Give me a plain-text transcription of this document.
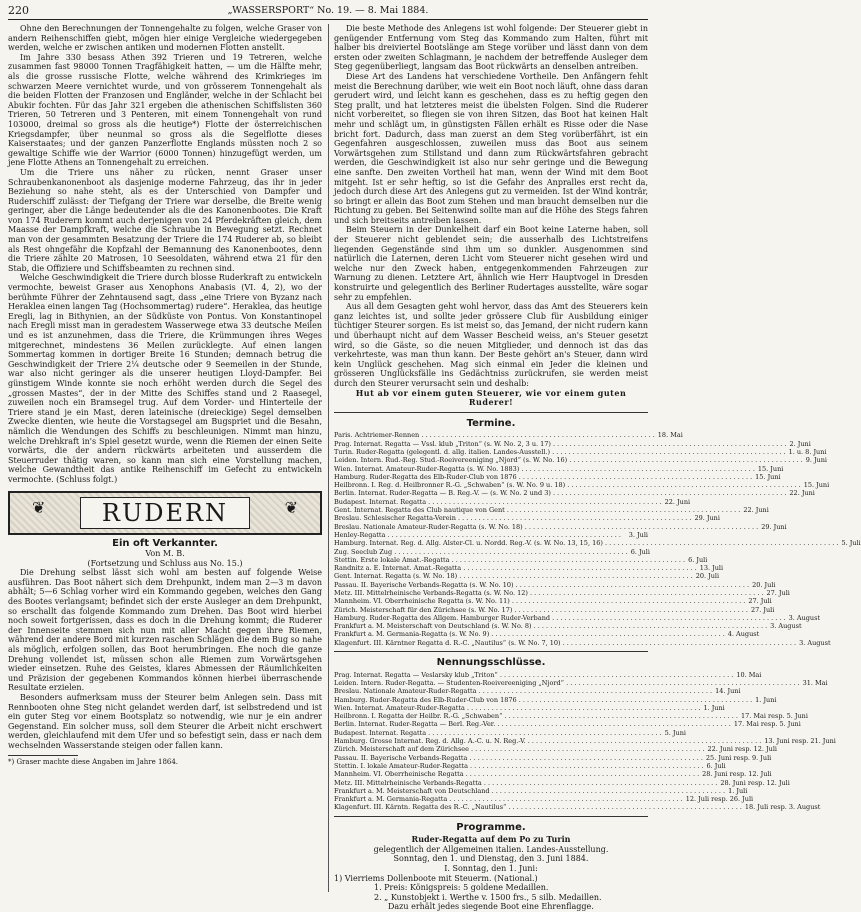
220	„WASSERSPORT“ No. 19. — 8. Mai 1884.

Ohne den Berechnungen der Tonnengehalte zu folgen, welche Graser von andern Reihenschiffen giebt, mögen hier einige Vergleiche wiedergegeben werden, welche er zwischen antiken und modernen Flotten anstellt.

Im Jahre 330 besass Athen 392 Trieren und 19 Tetreren, welche zusammen fast 98000 Tonnen Tragfähigkeit hatten, — um die Hälfte mehr, als die grosse russische Flotte, welche während des Krimkrieges im schwarzen Meere vernichtet wurde, und von grösserem Tonnengehalt als die beiden Flotten der Franzosen und Engländer, welche in der Schlacht bei Abukir fochten. Für das Jahr 321 ergeben die athenischen Schiffslisten 360 Trieren, 50 Tetreren und 3 Penteren, mit einem Tonnengehalt von rund 103000, dreimal so gross als die heutige*) Flotte der österreichischen Kriegsdampfer, über neunmal so gross als die Segelflotte dieses Kaiserstaates; und der ganzen Panzerflotte Englands müssten noch 2 so gewaltige Schiffe wie der Warrior (6000 Tonnen) hinzugefügt werden, um jene Flotte Athens an Tonnengehalt zu erreichen.

Um die Triere uns näher zu rücken, nennt Graser unser Schraubenkanonenboot als dasjenige moderne Fahrzeug, das ihr in jeder Beziehung so nahe steht, als es der Unterschied von Dampfer und Ruderschiff zulässt: der Tiefgang der Triere war derselbe, die Breite wenig geringer, aber die Länge bedeutender als die des Kanonenbootes. Die Kraft von 174 Ruderern kommt auch derjenigen von 24 Pferdekräften gleich, dem Maasse der Dampfkraft, welche die Schraube in Bewegung setzt. Rechnet man von der gesammten Besatzung der Triere die 174 Ruderer ab, so bleibt als Rest ohngefähr die Kopfzahl der Bemannung des Kanonenbootes, denn die Triere zählte 20 Matrosen, 10 Seesoldaten, während etwa 21 für den Stab, die Offiziere und Schiffsbeamten zu rechnen sind.

Welche Geschwindigkeit die Triere durch blosse Ruderkraft zu entwickeln vermochte, beweist Graser aus Xenophons Anabasis (VI. 4, 2), wo der berühmte Führer der Zehntausend sagt, dass „eine Triere von Byzanz nach Heraklea einen langen Tag (Hochsommertag) rudere“. Heraklea, das heutige Eregli, lag in Bithynien, an der Südküste von Pontus. Von Konstantinopel nach Eregli misst man in geradestem Wasserwege etwa 33 deutsche Meilen und es ist anzunehmen, dass die Triere, die Krümmungen ihres Weges mitgerechnet, mindestens 36 Meilen zurücklegte. Auf einen langen Sommertag kommen in dortiger Breite 16 Stunden; demnach betrug die Geschwindigkeit der Triere 2¼ deutsche oder 9 Seemeilen in der Stunde, war also nicht geringer als die unserer heutigen Lloyd-Dampfer. Bei günstigem Winde konnte sie noch erhöht werden durch die Segel des „grossen Mastes“, der in der Mitte des Schiffes stand und 2 Raasegel, zuweilen noch ein Bramsegel trug. Auf dem Vorder- und Hinterteile der Triere stand je ein Mast, deren lateinische (dreieckige) Segel demselben Zwecke dienten, wie heute die Vorstagsegel am Bugspriet und die Besahn, nämlich die Wendungen des Schiffs zu beschleunigen. Nimmt man hinzu, welche Drehkraft in's Spiel gesetzt wurde, wenn die Riemen der einen Seite vorwärts, die der andern rückwärts arbeiteten und ausserdem die Steuerruder thätig waren, so kann man sich eine Vorstellung machen, welche Gewandtheit das antike Reihenschiff im Gefecht zu entwickeln vermochte. (Schluss folgt.)

❦	RUDERN	❦
Ein oft Verkannter.
Von M. B.
(Fortsetzung und Schluss aus No. 15.)

Die Drehung selbst lässt sich wohl am besten auf folgende Weise ausführen. Das Boot nähert sich dem Drehpunkt, indem man 2—3 m davon abhält; 5—6 Schlag vorher wird ein Kommando gegeben, welches den Gang des Bootes verlangsamt; befindet sich der erste Ausleger an dem Drehpunkt, so erschallt das folgende Kommando zum Drehen. Das Boot wird hierbei noch soweit fortgerissen, dass es doch in die Drehung kommt; die Ruderer der Innenseite stemmen sich nun mit aller Macht gegen ihre Riemen, während der andere Bord mit kurzen raschen Schlägen die dem Bug so nahe als möglich, erfolgen sollen, das Boot herumbringen. Ehe noch die ganze Drehung vollendet ist, müssen schon alle Riemen zum Vorwärtsgehen wieder einsetzen. Ruhe des Geistes, klares Abmessen der Räumlichkeiten und Präzision der gegebenen Kommandos können hierbei überraschende Resultate erzielen.

Besonders aufmerksam muss der Steurer beim Anlegen sein. Dass mit Rennbooten ohne Steg nicht gelandet werden darf, ist selbstredend und ist ein guter Steg vor einem Bootsplatz so notwendig, wie nur je ein andrer Gegenstand. Ein solcher muss, soll dem Steurer die Arbeit nicht erschwert werden, gleichlaufend mit dem Ufer und so befestigt sein, dass er nach dem wechselnden Wasserstande steigen oder fallen kann.

*) Graser machte diese Angaben im Jahre 1864.

Die beste Methode des Anlegens ist wohl folgende: Der Steuerer giebt in genügender Entfernung vom Steg das Kommando zum Halten, führt mit halber bis dreiviertel Bootslänge am Stege vorüber und lässt dann von dem ersten oder zweiten Schlagmann, je nachdem der betreffende Ausleger dem Steg gegenüberliegt, langsam das Boot rückwärts an denselben antreiben.

Diese Art des Landens hat verschiedene Vortheile. Den Anfängern fehlt meist die Berechnung darüber, wie weit ein Boot noch läuft, ohne dass daran gerudert wird, und leicht kann es geschehen, dass es zu heftig gegen den Steg prallt, und hat letzteres meist die übelsten Folgen. Sind die Ruderer nicht vorbereitet, so fliegen sie von ihren Sitzen, das Boot hat keinen Halt mehr und schlägt um, in günstigsten Fällen erhält es Risse oder die Nase bricht fort. Dadurch, dass man zuerst an dem Steg vorüberfährt, ist ein Gegenfahren ausgeschlossen, zuweilen muss das Boot aus seinem Vorwärtsgehen zum Stillstand und dann zum Rückwärtsfahren gebracht werden, die Geschwindigkeit ist also nur sehr geringe und die Bewegung eine sanfte. Den zweiten Vortheil hat man, wenn der Wind mit dem Boot mitgeht. Ist er sehr heftig, so ist die Gefahr des Anpralles erst recht da, jedoch durch diese Art des Anlegens gut zu vermeiden. Ist der Wind konträr, so bringt er allein das Boot zum Stehen und man braucht demselben nur die Richtung zu geben. Bei Seitenwind sollte man auf die Höhe des Stegs fahren und sich breitseits antreiben lassen.

Beim Steuern in der Dunkelheit darf ein Boot keine Laterne haben, soll der Steuerer nicht geblendet sein; die ausserhalb des Lichtstreifens liegenden Gegenstände sind ihm um so dunkler. Ausgenommen sind natürlich die Laternen, deren Licht vom Steuerer nicht gesehen wird und welche nur den Zweck haben, entgegenkommenden Fahrzeugen zur Warnung zu dienen. Letztere Art, ähnlich wie Herr Hauptvogel in Dresden konstruirte und gelegentlich des Berliner Rudertages ausstellte, wäre sogar sehr zu empfehlen.

Aus all dem Gesagten geht wohl hervor, dass das Amt des Steuerers kein ganz leichtes ist, und sollte jeder grössere Club für Ausbildung einiger tüchtiger Steurer sorgen. Es ist meist so, das Jemand, der nicht rudern kann und überhaupt nicht auf dem Wasser Bescheid weiss, an's Steuer gesetzt wird, so die Gäste, so die neuen Mitglieder, und dennoch ist das das verkehrteste, was man thun kann. Der Beste gehört an's Steuer, dann wird kein Unglück geschehen. Mag sich einmal ein Jeder die kleinen und grösseren Unglücksfälle ins Gedächtniss zurückrufen, sie werden meist durch den Steurer verursacht sein und deshalb:

Hut ab vor einem guten Steuerer, wie vor einem guten Ruderer!

Termine.
Paris. Achtriemer-Rennen . . .	18. Mai
Prag. Internat. Regatta — Vssl. klub „Triton“ (s. W. No. 2, 3 u. 17) . . .	2. Juni
Turin. Ruder-Regatta (gelegentl. d. allg. italien. Landes-Ausstell.) . . .	1. u. 8. Juni
Leiden. Intern. Rud.-Reg. Stud.-Roeivereeniging „Njord“ (s. W. No. 16) . . .	9. Juni
Wien. Internat. Amateur-Ruder-Regatta (s. W. No. 1883) . . .	15. Juni
Hamburg. Ruder-Regatta des Elb-Ruder-Club von 1876 . . .	15. Juni
Heilbronn. I. Reg. d. Heilbronner R.-G. „Schwaben“ (s. W. No. 9 u. 18) . . .	15. Juni
Berlin. Internat. Ruder-Regatta — B. Reg.-V. — (s. W. No. 2 und 3) . . .	22. Juni
Budapest. Internat. Regatta . . .	22. Juni
Gent. Internat. Regatta des Club nautique von Gent . . .	22. Juni
Breslau. Schlesischer Regatta-Verein . . .	29. Juni
Breslau. Nationale Amateur-Ruder-Regatta (s. W. No. 18) . . .	29. Juni
Henley-Regatta . . .	3. Juli
Hamburg. Internat. Reg. d. Allg. Alster-Cl. u. Nordd. Reg.-V. (s. W. No. 13, 15, 16) . . .	5. Juli
Zug. Seeclub Zug . . .	6. Juli
Stettin. Erste lokale Amat.-Regatta . . .	6. Juli
Randnitz a. E. Internat. Amat.-Regatta . . .	13. Juli
Gent. Internat. Regatta (s. W. No. 18) . . .	20. Juli
Passau. II. Bayerische Verbands-Regatta (s. W. No. 10) . . .	20. Juli
Metz. III. Mittelrheinische Verbands-Regatta (s. W. No. 12) . . .	27. Juli
Mannheim. VI. Oberrheinische Regatta (s. W. No. 11) . . .	27. Juli
Zürich. Meisterschaft für den Zürichsee (s. W. No. 17) . . .	27. Juli
Hamburg. Ruder-Regatta des Allgem. Hamburger Ruder-Verband . . .	3. August
Frankfurt a. M. Meisterschaft von Deutschland (s. W. No. 8) . . .	3. August
Frankfurt a. M. Germania-Regatta (s. W. No. 9) . . .	4. August
Klagenfurt. III. Kärntner Regatta d. R.-C. „Nautilus“ (s. W. No. 7, 10) . . .	3. August
Nennungsschlüsse.
Prag. Internat. Regatta — Veslarsky klub „Triton“ . . .	10. Mai
Leiden. Intern. Ruder-Regatta. — Studenten-Roeivereeniging „Njord“ . . .	31. Mai
Breslau. Nationale Amateur-Ruder-Regatta . . .	14. Juni
Hamburg. Ruder-Regatta des Elb-Ruder-Club von 1876 . . .	1. Juni
Wien. Internat. Amateur-Ruder-Regatta . . .	1. Juni
Heilbronn. I. Regatta der Heilbr. R.-G. „Schwaben“ . . .	17. Mai resp. 5. Juni
Berlin. Internat. Ruder-Regatta — Berl. Reg.-Ver. . . .	17. Mai resp. 5. Juni
Budapest. Internat. Regatta . . .	5. Juni
Hamburg. Grosse Internat. Reg. d. Allg. A.-C. u. N. Reg.-V. . . .	13. Juni resp. 21. Juni
Zürich. Meisterschaft auf dem Zürichsee . . .	22. Juni resp. 12. Juli
Passau. II. Bayerische Verbands-Regatta . . .	25. Juni resp. 9. Juli
Stettin. I. lokale Amateur-Ruder-Regatta . . .	6. Juli
Mannheim. VI. Oberrheinische Regatta . . .	28. Juni resp. 12. Juli
Metz. III. Mittelrheinische Verbands-Regatta . . .	28. Juni resp. 12. Juli
Frankfurt a. M. Meisterschaft von Deutschland . . .	1. Juli
Frankfurt a. M. Germania-Regatta . . .	12. Juli resp. 26. Juli
Klagenfurt. III. Kärntn. Regatta des R.-C. „Nautilus“ . . .	18. Juli resp. 3. August
Programme.
Ruder-Regatta auf dem Po zu Turin
gelegentlich der Allgemeinen italien. Landes-Ausstellung.
Sonntag, den 1. und Dienstag, den 3. Juni 1884.
I. Sonntag, den 1. Juni:
1) Vierriems Dollenboote mit Steuerm. (National.)
1. Preis: Königspreis: 5 goldene Medaillen.
2. „ Kunstobjekt i. Werthe v. 1500 frs., 5 silb. Medaillen.
Dazu erhält jedes siegende Boot eine Ehrenflagge.
